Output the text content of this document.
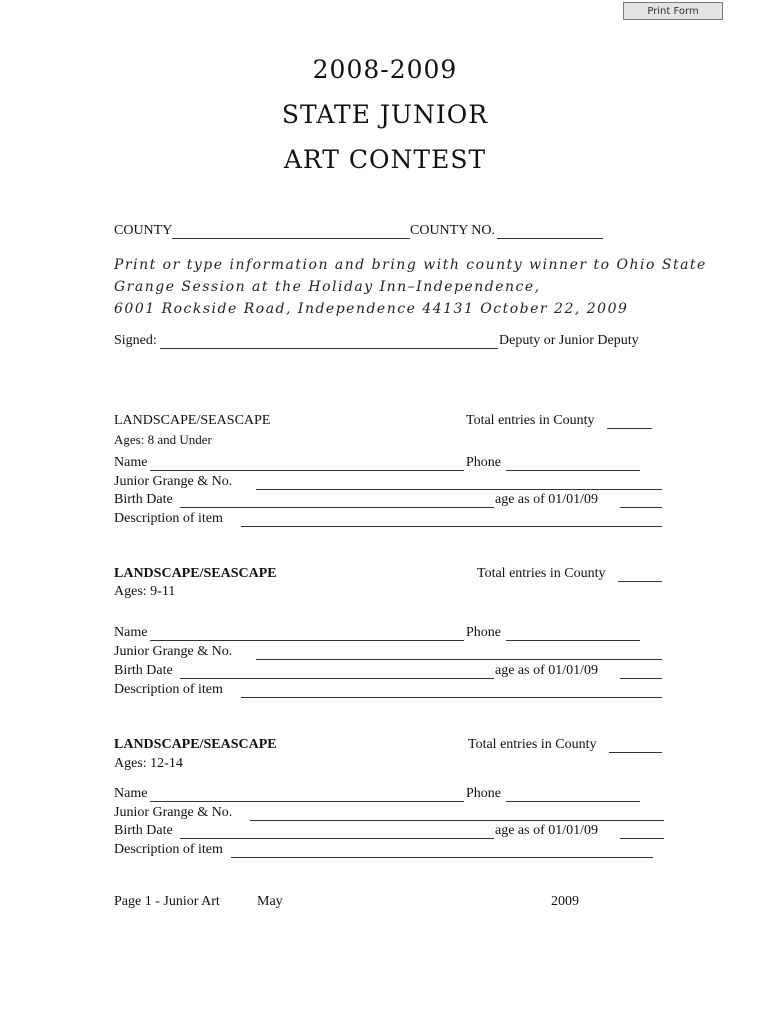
Print Form
2008-2009
STATE JUNIOR
ART CONTEST
COUNTY	COUNTY NO.
Print or type information and bring with county winner to Ohio State
Grange Session at the Holiday Inn–Independence,
6001 Rockside Road, Independence 44131 October 22, 2009
Signed:	Deputy or Junior Deputy
LANDSCAPE/SEASCAPE	Total entries in County
Ages: 8 and Under
Name	Phone
Junior Grange & No.
Birth Date	age as of 01/01/09
Description of item
LANDSCAPE/SEASCAPE	Total entries in County
Ages: 9-11
Name	Phone
Junior Grange & No.
Birth Date	age as of 01/01/09
Description of item
LANDSCAPE/SEASCAPE	Total entries in County
Ages: 12-14
Name	Phone
Junior Grange & No.
Birth Date	age as of 01/01/09
Description of item
Page 1 - Junior Art	May	2009
